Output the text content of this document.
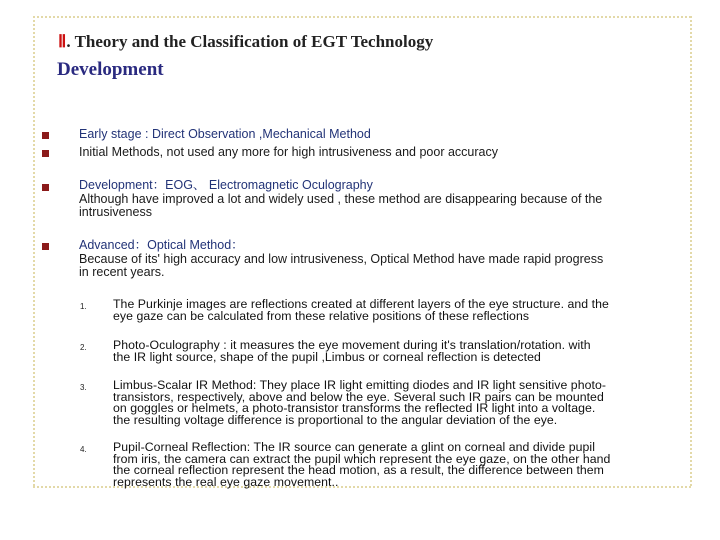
Ⅱ. Theory and the Classification of EGT Technology
Development
Early stage : Direct Observation ,Mechanical Method
Initial Methods, not used any more for high intrusiveness and poor accuracy
Development：EOG、 Electromagnetic Oculography
Although have improved a lot and widely used , these method are disappearing because of the
intrusiveness
Advanced：Optical Method：
Because of its' high accuracy and low intrusiveness, Optical Method have made rapid progress
in recent years.
1. The Purkinje images are reflections created at different layers of the eye structure. and the
eye gaze can be calculated from these relative positions of these reflections
2. Photo-Oculography : it measures the eye movement during it's translation/rotation. with
the IR light source, shape of the pupil ,Limbus or corneal reflection is detected
3. Limbus-Scalar IR Method: They place IR light emitting diodes and IR light sensitive photo-
transistors, respectively, above and below the eye. Several such IR pairs can be mounted
on goggles or helmets, a photo-transistor transforms the reflected IR light into a voltage.
the resulting voltage difference is proportional to the angular deviation of the eye.
4. Pupil-Corneal Reflection: The IR source can generate a glint on corneal and divide pupil
from iris, the camera can extract the pupil which represent the eye gaze, on the other hand
the corneal reflection represent the head motion, as a result, the difference between them
represents the real eye gaze movement..
